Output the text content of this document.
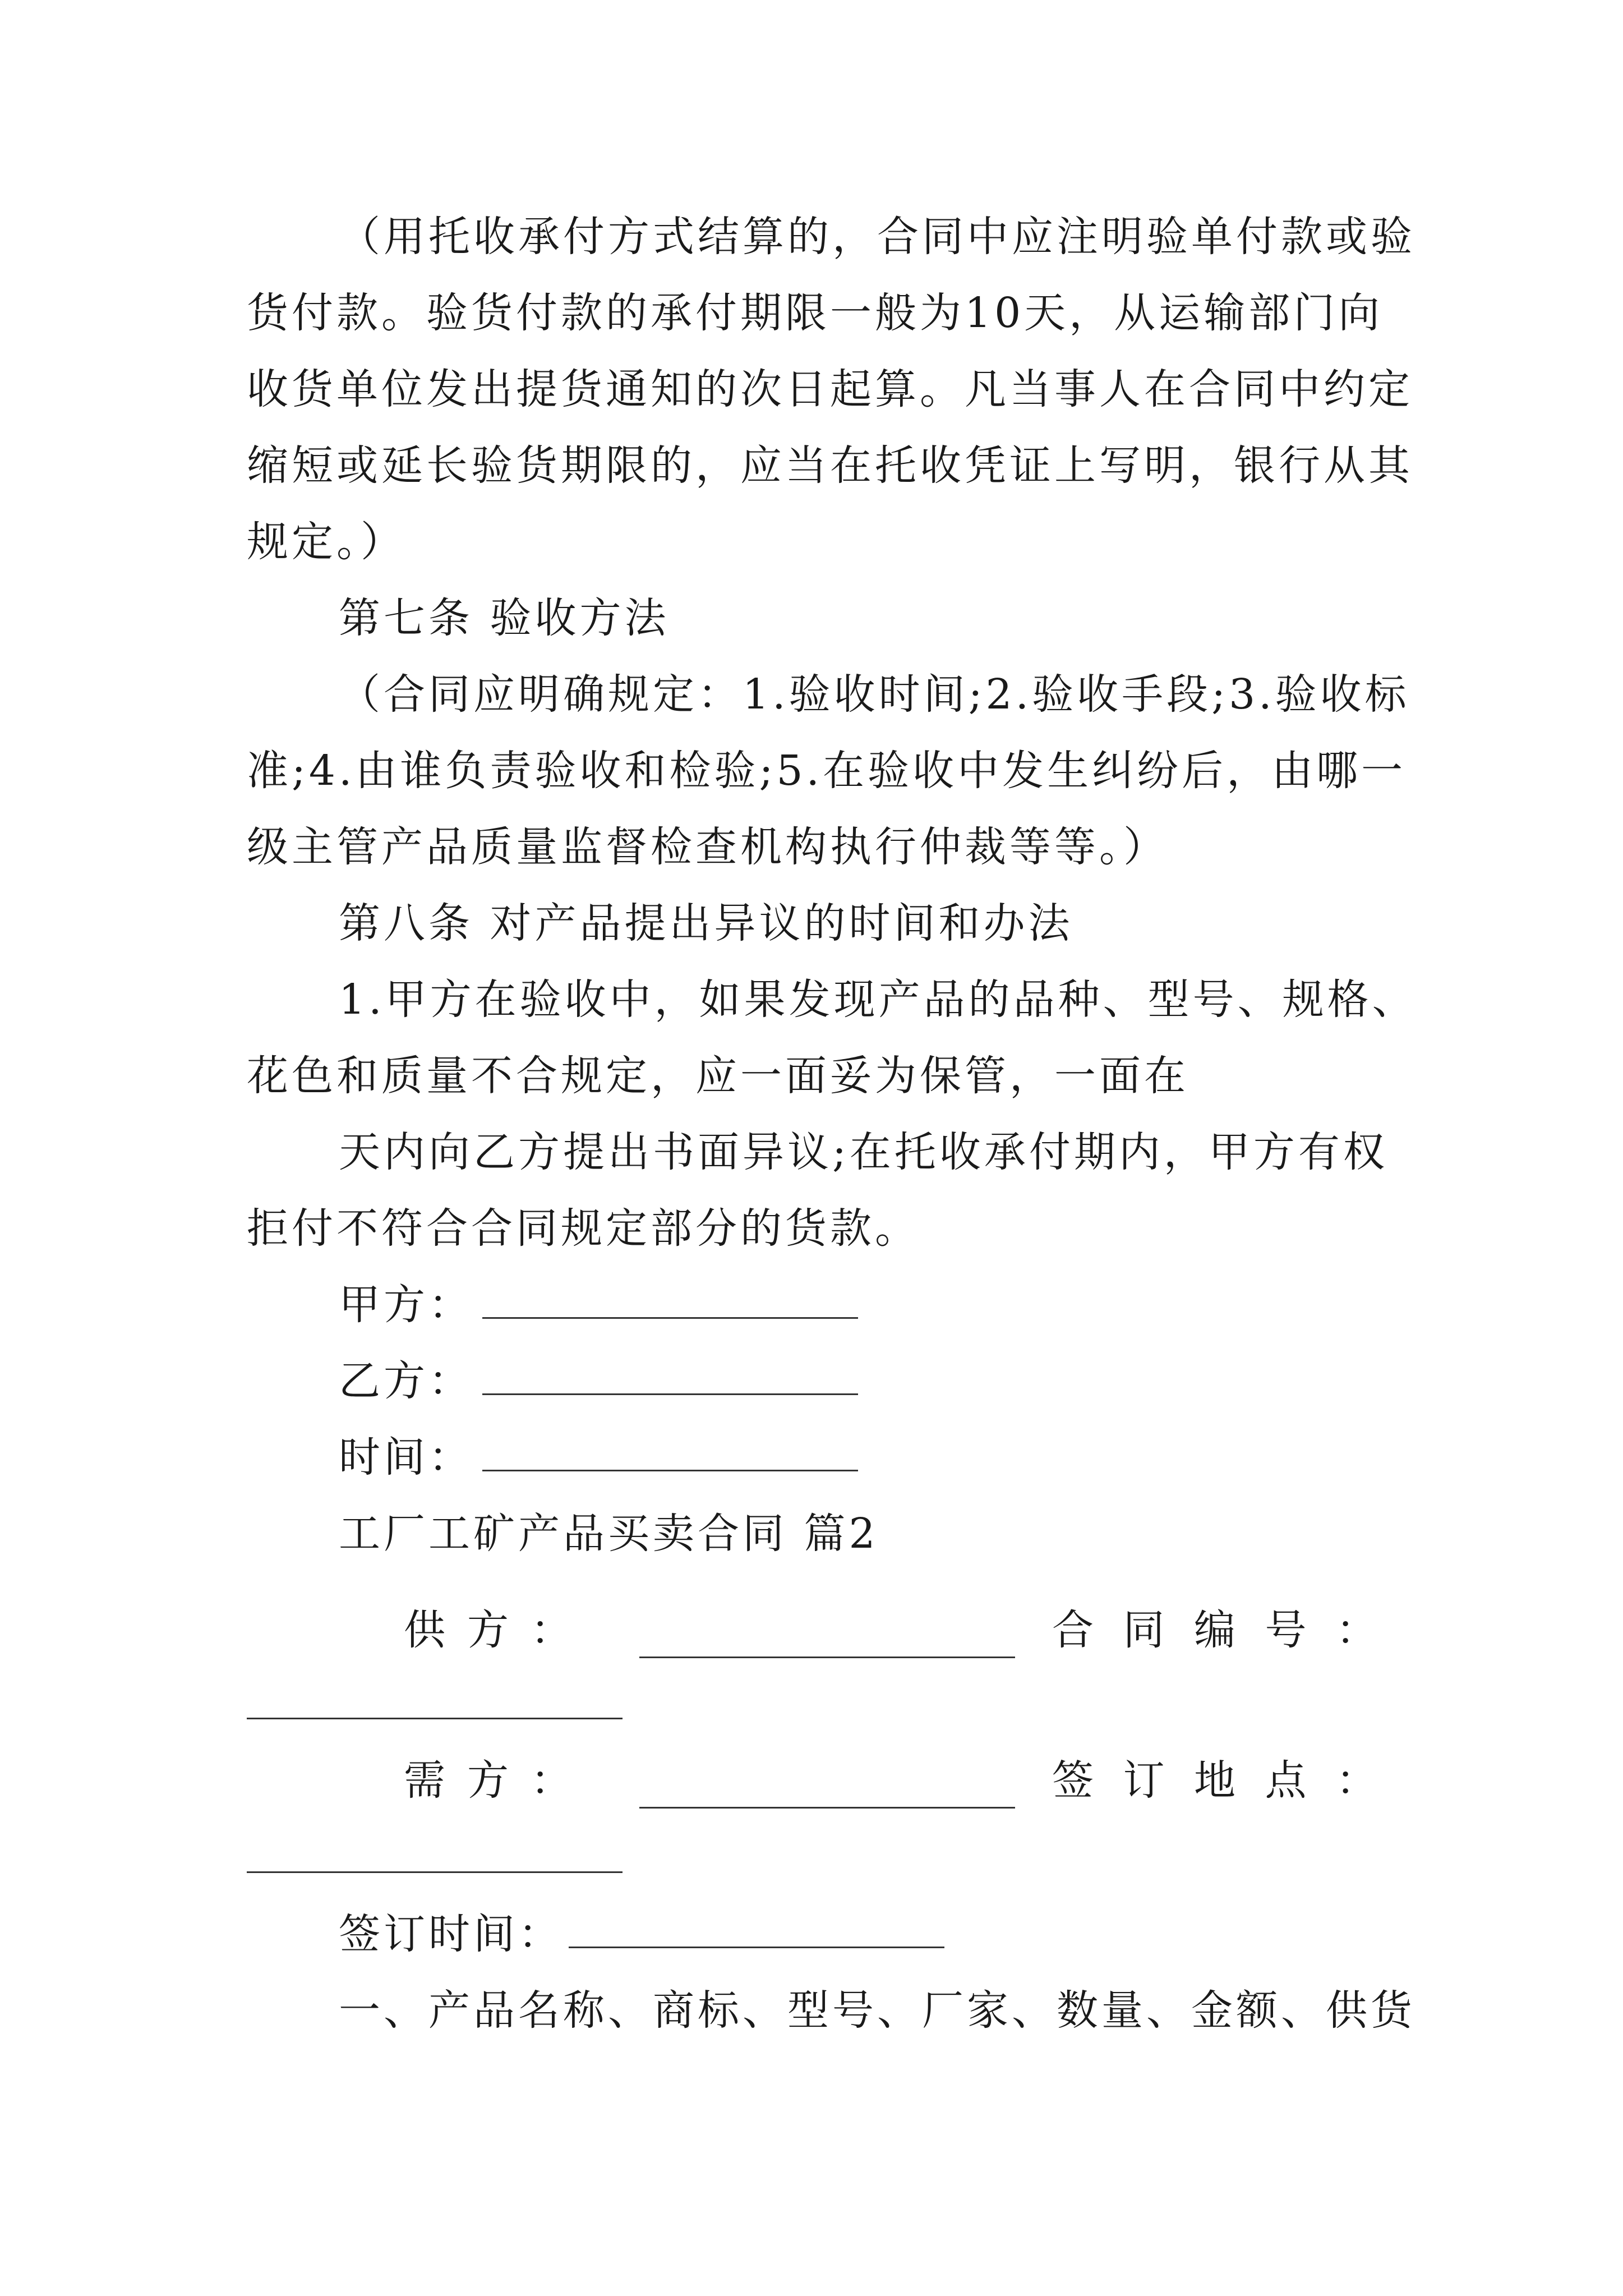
（用托收承付方式结算的，合同中应注明验单付款或验
货付款。验货付款的承付期限一般为10天，从运输部门向
收货单位发出提货通知的次日起算。凡当事人在合同中约定
缩短或延长验货期限的，应当在托收凭证上写明，银行从其
规定。）
第七条 验收方法
（合同应明确规定：1.验收时间;2.验收手段;3.验收标
准;4.由谁负责验收和检验;5.在验收中发生纠纷后，由哪一
级主管产品质量监督检查机构执行仲裁等等。）
第八条 对产品提出异议的时间和办法
1.甲方在验收中，如果发现产品的品种、型号、规格、
花色和质量不合规定，应一面妥为保管，一面在
天内向乙方提出书面异议;在托收承付期内，甲方有权
拒付不符合合同规定部分的货款。
甲方：
乙方：
时间：
工厂工矿产品买卖合同 篇2
供 方 ：	合 同 编 号 ：
需 方 ：	签 订 地 点 ：
签订时间：
一、产品名称、商标、型号、厂家、数量、金额、供货
